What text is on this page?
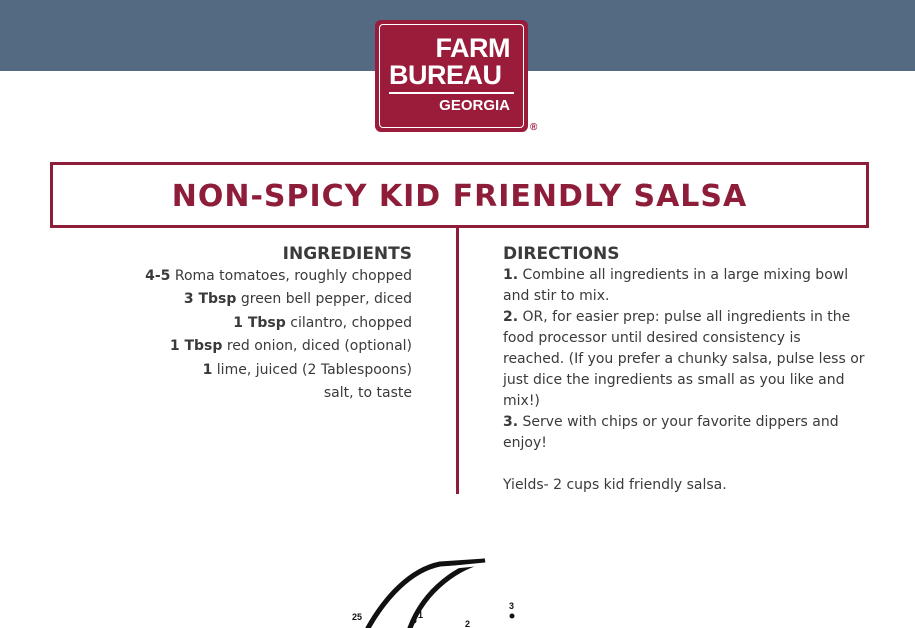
FARM
BUREAU
GEORGIA
®
NON-SPICY KID FRIENDLY SALSA
INGREDIENTS
4-5 Roma tomatoes, roughly chopped
3 Tbsp green bell pepper, diced
1 Tbsp cilantro, chopped
1 Tbsp red onion, diced (optional)
1 lime, juiced (2 Tablespoons)
salt, to taste
DIRECTIONS
1. Combine all ingredients in a large mixing bowl and stir to mix.
2. OR, for easier prep: pulse all ingredients in the food processor until desired consistency is reached. (If you prefer a chunky salsa, pulse less or just dice the ingredients as small as you like and mix!)
3. Serve with chips or your favorite dippers and enjoy!
Yields- 2 cups kid friendly salsa.
25	1
2
3
